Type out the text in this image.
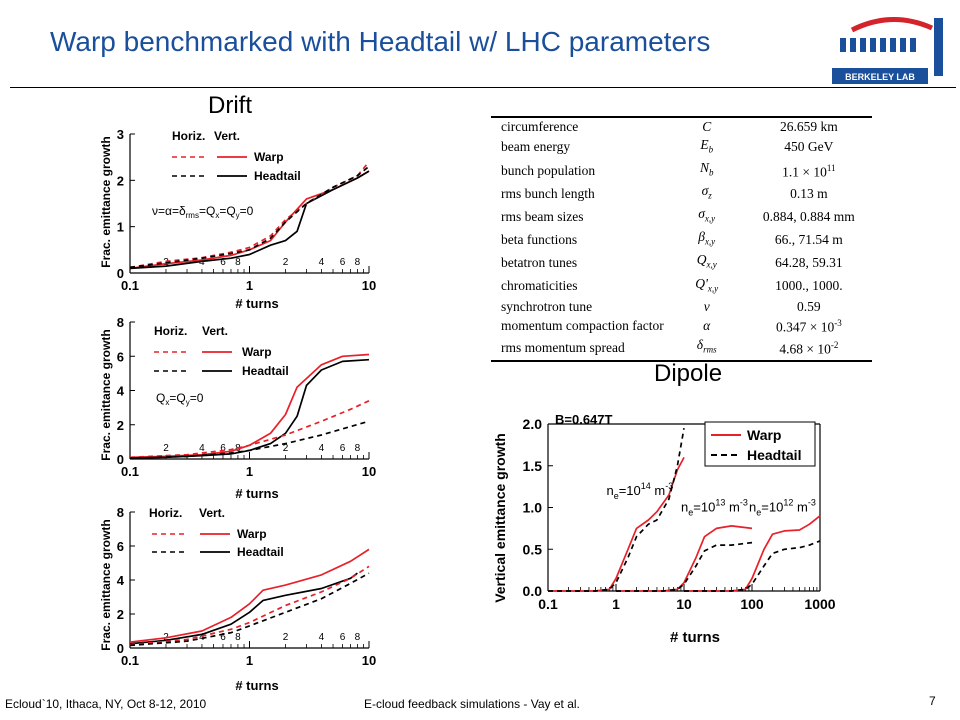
Warp benchmarked with Headtail w/ LHC parameters
BERKELEY LAB
Drift
Dipole
0
1
2
3
0.1	1	10
2	4 6 8	2	4 6 8
# turns
Frac. emittance growth
Horiz. Vert.
Warp
Headtail
$\nu=\alpha=\delta_{rms}=Q_x=Q_y=0$
0
2
4
6
8
0.1	1	10
2	4 6 8	2	4 6 8
# turns
Frac. emittance growth	Horiz. Vert.
Warp
Headtail
$Q_x=Q_y=0$
0
2
4
6
8
0.1	1	10
2	4 6 8	2	4 6 8
# turns
Frac. emittance growth
Horiz. Vert.
Warp
Headtail
circumference	C	26.659 km
beam energy	$E_b$	450 GeV
bunch population	$N_b$	$1.1 \times 10^{11}$
rms bunch length	$\sigma_z$	0.13 m
rms beam sizes	$\sigma_{x,y}$	0.884, 0.884 mm
beta functions	$\beta_{x,y}$	66., 71.54 m
betatron tunes	$Q_{x,y}$	64.28, 59.31
chromaticities	$Q'_{x,y}$	1000., 1000.
synchrotron tune	ν	0.59
momentum compaction factor	α	$0.347 \times 10^{-3}$
rms momentum spread	$\delta_{rms}$	$4.68 \times 10^{-2}$
0.0
0.5
1.0
1.5
2.0
0.1	1	10	100	1000
B=0.647T
# turns
Vertical emittance growth	Warp
Headtail
$n_e=10^{14}$ $m^{-3}$
$n_e=10^{13}$ $m^{-3}$ $n_e=10^{12}$ $m^{-3}$
Ecloud`10, Ithaca, NY, Oct 8-12, 2010	E-cloud feedback simulations - Vay et al.	7
